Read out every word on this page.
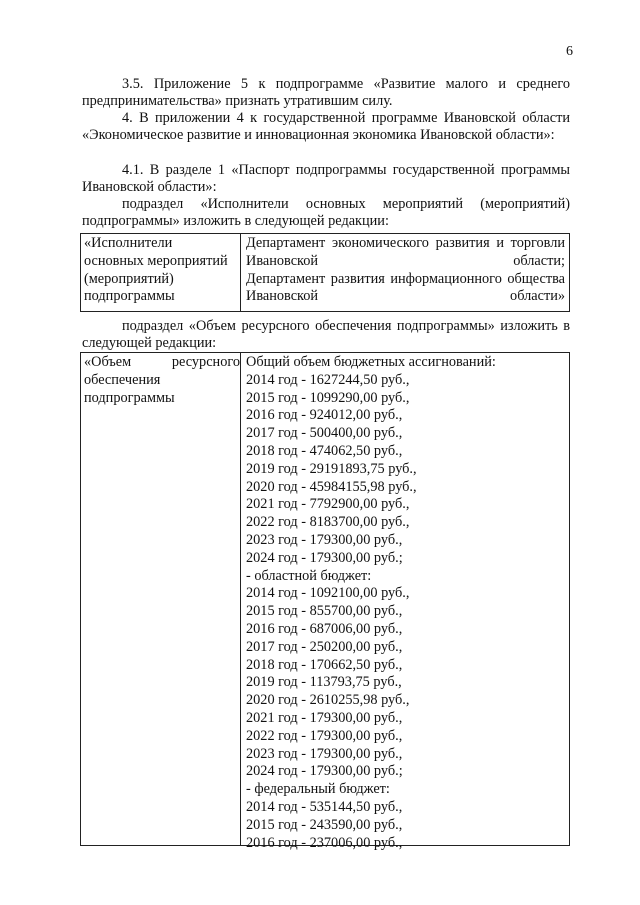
6
3.5. Приложение 5 к подпрограмме «Развитие малого и среднего предпринимательства» признать утратившим силу.
4. В приложении 4 к государственной программе Ивановской области «Экономическое развитие и инновационная экономика Ивановской области»:
4.1. В разделе 1 «Паспорт подпрограммы государственной программы Ивановской области»:
подраздел «Исполнители основных мероприятий (мероприятий) подпрограммы» изложить в следующей редакции:
«Исполнители
основных мероприятий
(мероприятий)
подпрограммы
Департамент экономического развития и торговли Ивановской области;
Департамент развития информационного общества Ивановской области»
подраздел «Объем ресурсного обеспечения подпрограммы» изложить в следующей редакции:
«Объем ресурсного обеспечения подпрограммы
Общий объем бюджетных ассигнований:
2014 год - 1627244,50 руб.,
2015 год - 1099290,00 руб.,
2016 год - 924012,00 руб.,
2017 год - 500400,00 руб.,
2018 год - 474062,50 руб.,
2019 год - 29191893,75 руб.,
2020 год - 45984155,98 руб.,
2021 год - 7792900,00 руб.,
2022 год - 8183700,00 руб.,
2023 год - 179300,00 руб.,
2024 год - 179300,00 руб.;
- областной бюджет:
2014 год - 1092100,00 руб.,
2015 год - 855700,00 руб.,
2016 год - 687006,00 руб.,
2017 год - 250200,00 руб.,
2018 год - 170662,50 руб.,
2019 год - 113793,75 руб.,
2020 год - 2610255,98 руб.,
2021 год - 179300,00 руб.,
2022 год - 179300,00 руб.,
2023 год - 179300,00 руб.,
2024 год - 179300,00 руб.;
- федеральный бюджет:
2014 год - 535144,50 руб.,
2015 год - 243590,00 руб.,
2016 год - 237006,00 руб.,
